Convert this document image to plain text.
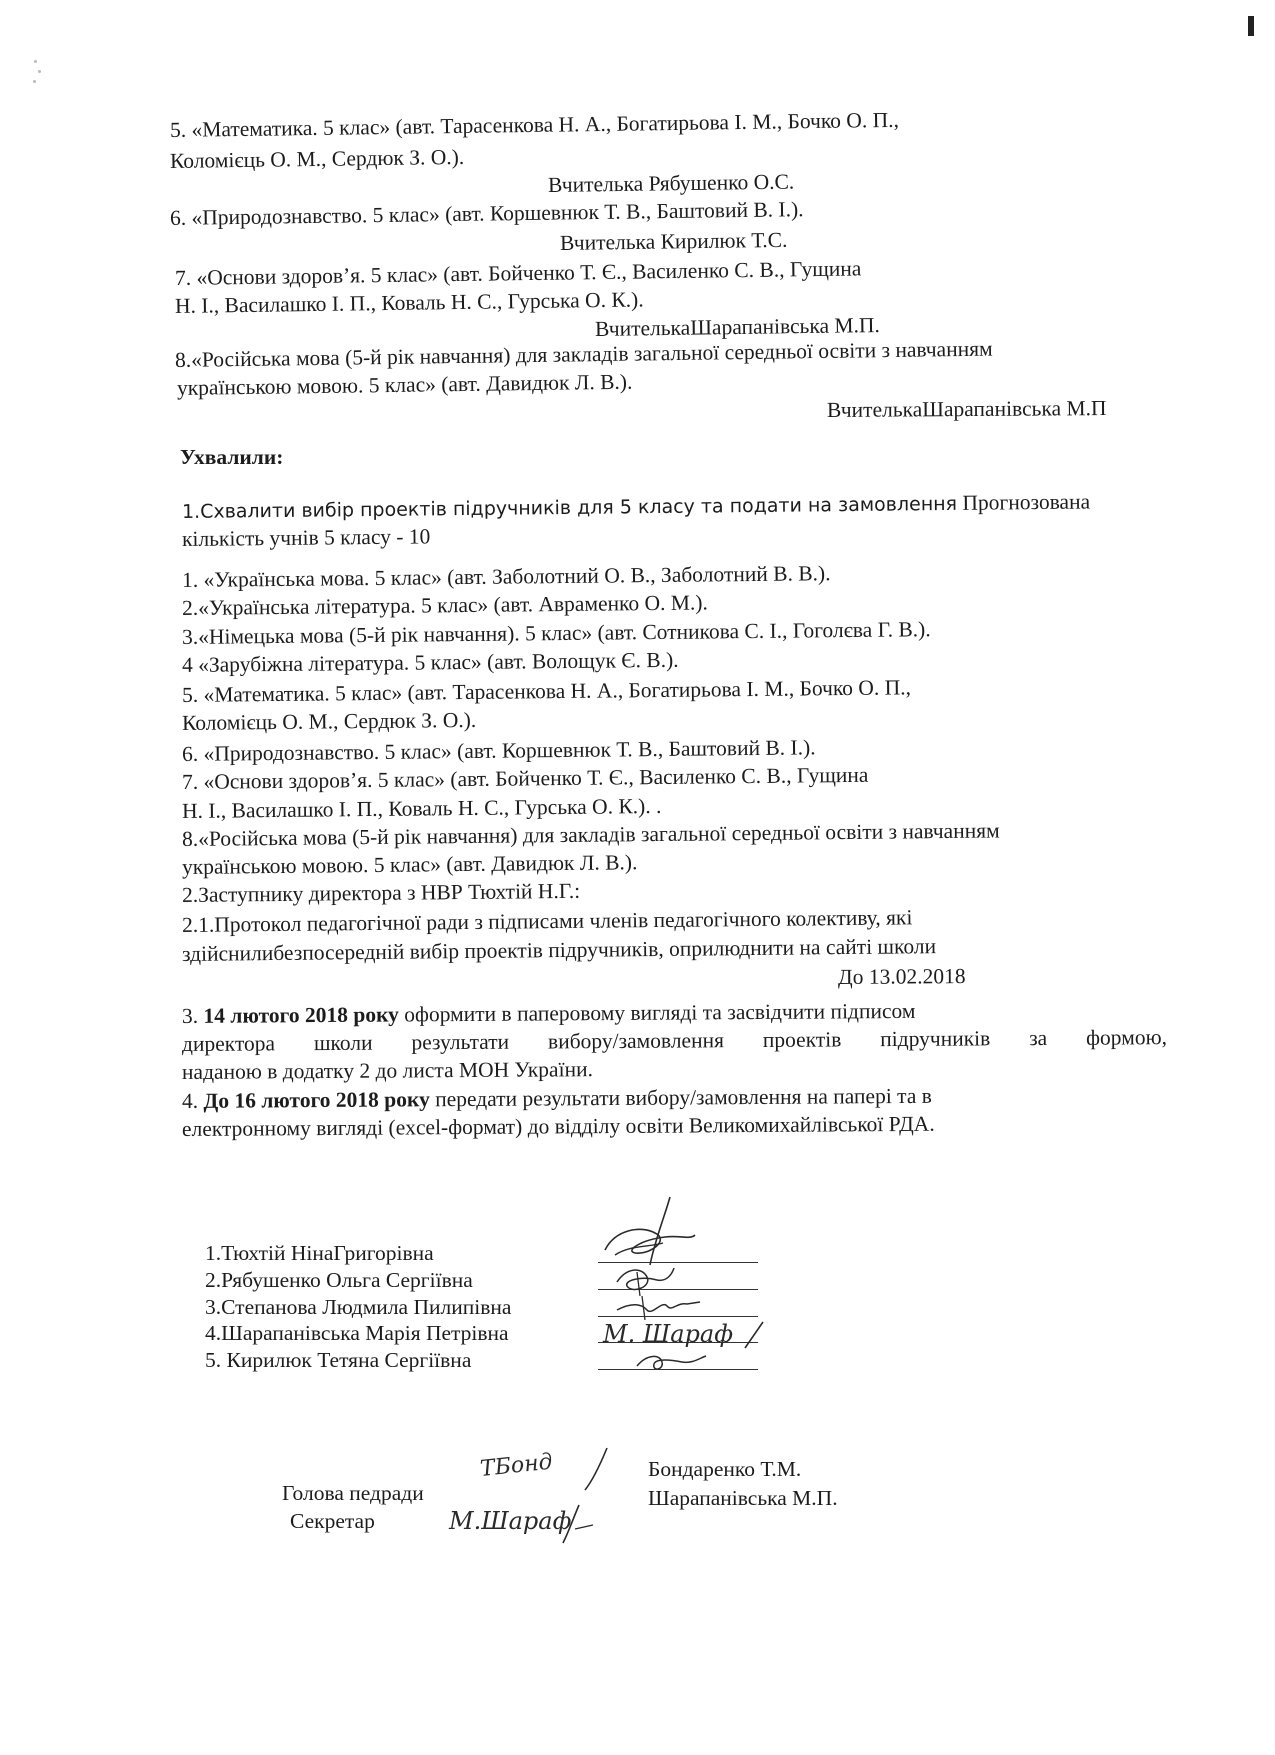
5. «Математика. 5 клас» (авт. Тарасенкова Н. А., Богатирьова І. М., Бочко О. П.,
Коломієць О. М., Сердюк З. О.).
Вчителька Рябушенко О.С.
6. «Природознавство. 5 клас» (авт. Коршевнюк Т. В., Баштовий В. І.).
Вчителька Кирилюк Т.С.
7. «Основи здоров’я. 5 клас» (авт. Бойченко Т. Є., Василенко С. В., Гущина
Н. І., Василашко І. П., Коваль Н. С., Гурська О. К.).
ВчителькаШарапанівська М.П.
8.«Російська мова (5-й рік навчання) для закладів загальної середньої освіти з навчанням
українською мовою. 5 клас» (авт. Давидюк Л. В.).
ВчителькаШарапанівська М.П
Ухвалили:
1.Схвалити вибір проектів підручників для 5 класу та подати на замовлення Прогнозована
кількість учнів 5 класу - 10
1. «Українська мова. 5 клас» (авт. Заболотний О. В., Заболотний В. В.).
2.«Українська література. 5 клас» (авт. Авраменко О. М.).
3.«Німецька мова (5-й рік навчання). 5 клас» (авт. Сотникова С. І., Гоголєва Г. В.).
4 «Зарубіжна література. 5 клас» (авт. Волощук Є. В.).
5. «Математика. 5 клас» (авт. Тарасенкова Н. А., Богатирьова І. М., Бочко О. П.,
Коломієць О. М., Сердюк З. О.).
6. «Природознавство. 5 клас» (авт. Коршевнюк Т. В., Баштовий В. І.).
7. «Основи здоров’я. 5 клас» (авт. Бойченко Т. Є., Василенко С. В., Гущина
Н. І., Василашко І. П., Коваль Н. С., Гурська О. К.). .
8.«Російська мова (5-й рік навчання) для закладів загальної середньої освіти з навчанням
українською мовою. 5 клас» (авт. Давидюк Л. В.).
2.Заступнику директора з НВР Тюхтій Н.Г.:
2.1.Протокол педагогічної ради з підписами членів педагогічного колективу, які
здійснилибезпосередній вибір проектів підручників, оприлюднити на сайті школи
До 13.02.2018
3. 14 лютого 2018 року оформити в паперовому вигляді та засвідчити підписом
директора школи результати вибору/замовлення проектів підручників за формою,
наданою в додатку 2 до листа МОН України.
4. До 16 лютого 2018 року передати результати вибору/замовлення на папері та в
електронному вигляді (excel-формат) до відділу освіти Великомихайлівської РДА.
1.Тюхтій НінаГригорівна
2.Рябушенко Ольга Сергіївна
3.Степанова Людмила Пилипівна
4.Шарапанівська Марія Петрівна
5. Кирилюк Тетяна Сергіївна
М. Шараф
Голова педради
Секретар
Бондаренко Т.М.
Шарапанівська М.П.
ТБонд
М.Шараф
